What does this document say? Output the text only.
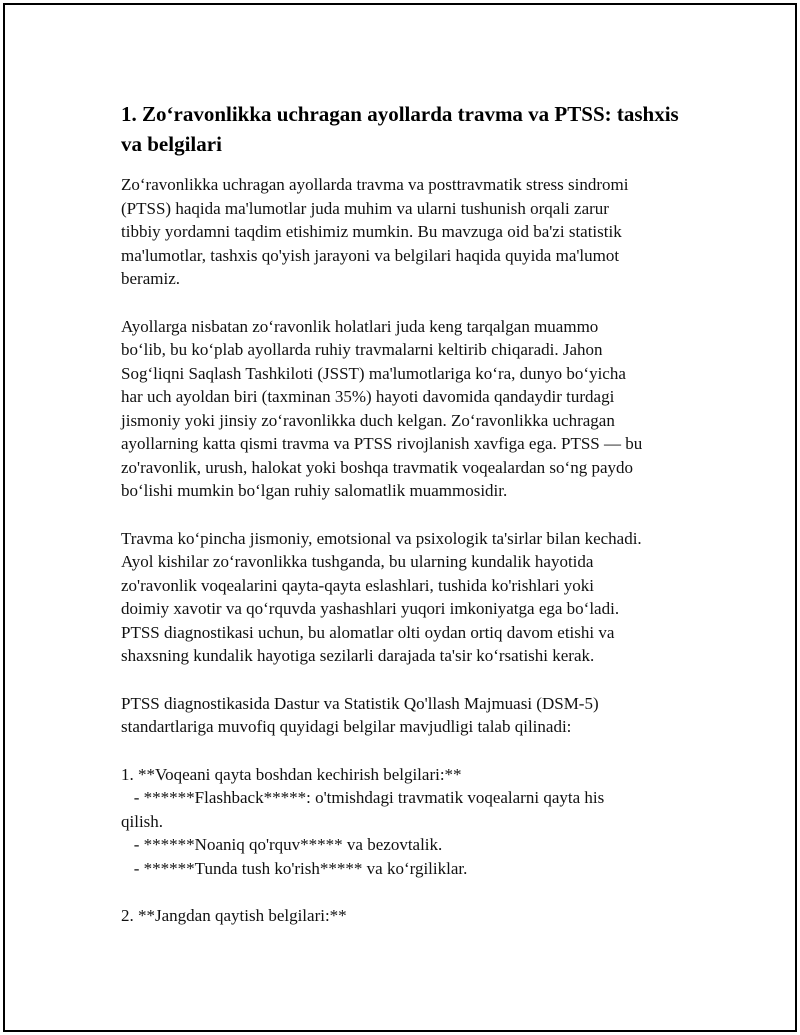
1. Zo‘ravonlikka uchragan ayollarda travma va PTSS: tashxis
va belgilari

Zo‘ravonlikka uchragan ayollarda travma va posttravmatik stress sindromi
(PTSS) haqida ma'lumotlar juda muhim va ularni tushunish orqali zarur
tibbiy yordamni taqdim etishimiz mumkin. Bu mavzuga oid ba'zi statistik
ma'lumotlar, tashxis qo'yish jarayoni va belgilari haqida quyida ma'lumot
beramiz.

Ayollarga nisbatan zo‘ravonlik holatlari juda keng tarqalgan muammo
bo‘lib, bu ko‘plab ayollarda ruhiy travmalarni keltirib chiqaradi. Jahon
Sog‘liqni Saqlash Tashkiloti (JSST) ma'lumotlariga ko‘ra, dunyo bo‘yicha
har uch ayoldan biri (taxminan 35%) hayoti davomida qandaydir turdagi
jismoniy yoki jinsiy zo‘ravonlikka duch kelgan. Zo‘ravonlikka uchragan
ayollarning katta qismi travma va PTSS rivojlanish xavfiga ega. PTSS — bu
zo'ravonlik, urush, halokat yoki boshqa travmatik voqealardan so‘ng paydo
bo‘lishi mumkin bo‘lgan ruhiy salomatlik muammosidir.

Travma ko‘pincha jismoniy, emotsional va psixologik ta'sirlar bilan kechadi.
Ayol kishilar zo‘ravonlikka tushganda, bu ularning kundalik hayotida
zo'ravonlik voqealarini qayta-qayta eslashlari, tushida ko'rishlari yoki
doimiy xavotir va qo‘rquvda yashashlari yuqori imkoniyatga ega bo‘ladi.
PTSS diagnostikasi uchun, bu alomatlar olti oydan ortiq davom etishi va
shaxsning kundalik hayotiga sezilarli darajada ta'sir ko‘rsatishi kerak.

PTSS diagnostikasida Dastur va Statistik Qo'llash Majmuasi (DSM-5)
standartlariga muvofiq quyidagi belgilar mavjudligi talab qilinadi:

1. **Voqeani qayta boshdan kechirish belgilari:**
- ******Flashback*****: o'tmishdagi travmatik voqealarni qayta his
qilish.
- ******Noaniq qo'rquv***** va bezovtalik.
- ******Tunda tush ko'rish***** va ko‘rgiliklar.
2. **Jangdan qaytish belgilari:**
